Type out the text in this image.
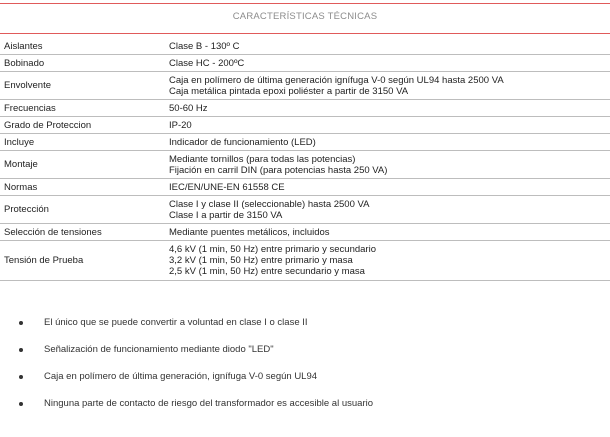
CARACTERÍSTICAS TÉCNICAS
Aislantes	Clase B - 130º C

Bobinado	Clase HC - 200ºC

Envolvente	Caja en polímero de última generación ignífuga V-0 según UL94 hasta 2500 VA
Caja metálica pintada epoxi poliéster a partir de 3150 VA

Frecuencias	50-60 Hz

Grado de Proteccion	IP-20

Incluye	Indicador de funcionamiento (LED)

Montaje	Mediante tornillos (para todas las potencias)
Fijación en carril DIN (para potencias hasta 250 VA)

Normas	IEC/EN/UNE-EN 61558 CE

Protección	Clase I y clase II (seleccionable) hasta 2500 VA
Clase I a partir de 3150 VA

Selección de tensiones	Mediante puentes metálicos, incluidos

Tensión de Prueba	4,6 kV (1 min, 50 Hz) entre primario y secundario
3,2 kV (1 min, 50 Hz) entre primario y masa
2,5 kV (1 min, 50 Hz) entre secundario y masa
El único que se puede convertir a voluntad en clase I o clase II
Señalización de funcionamiento mediante diodo "LED"
Caja en polímero de última generación, ignífuga V-0 según UL94
Ninguna parte de contacto de riesgo del transformador es accesible al usuario
